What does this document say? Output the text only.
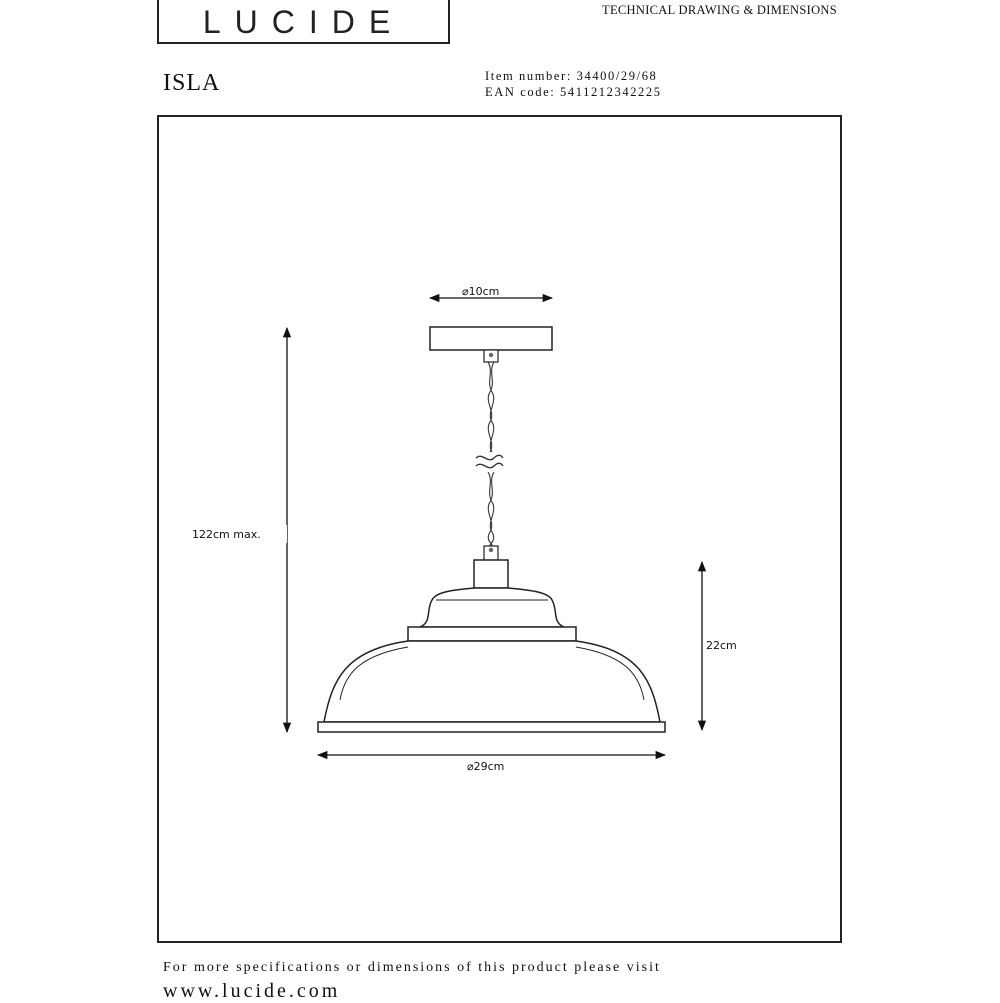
LUCIDE	TECHNICAL DRAWING & DIMENSIONS
ISLA	Item number: 34400/29/68
EAN code: 5411212342225
⌀10cm
122cm max.
22cm
⌀29cm
For more specifications or dimensions of this product please visit
www.lucide.com
